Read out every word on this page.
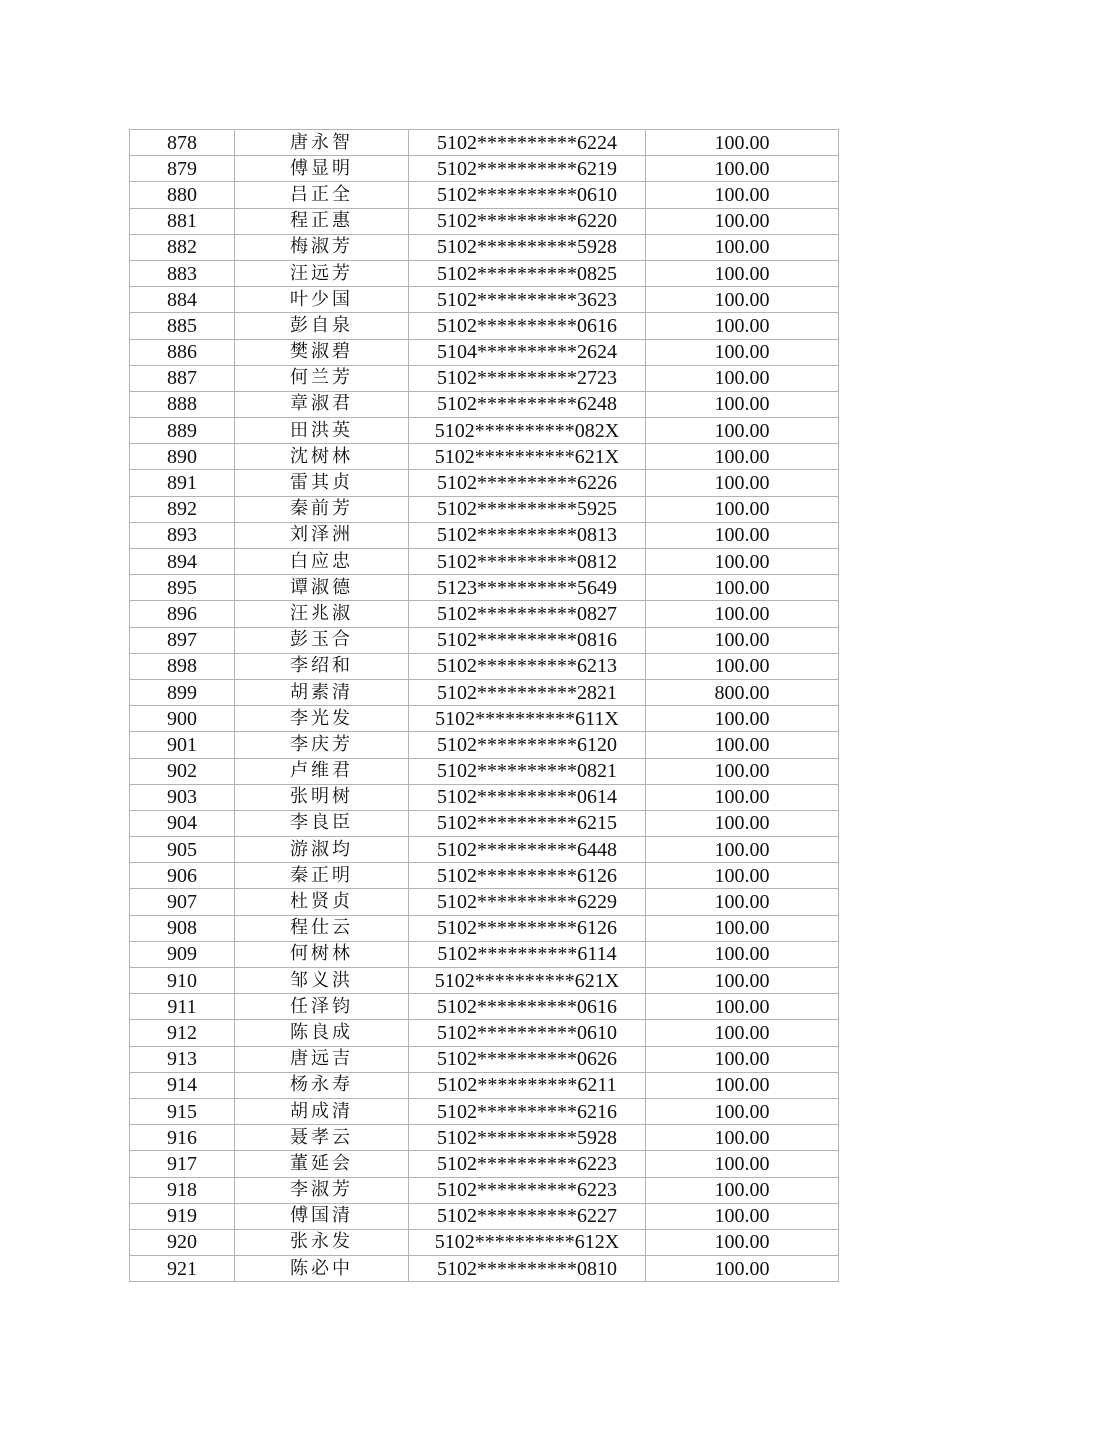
878	唐永智	5102**********6224	100.00
879	傅显明	5102**********6219	100.00
880	吕正全	5102**********0610	100.00
881	程正惠	5102**********6220	100.00
882	梅淑芳	5102**********5928	100.00
883	汪远芳	5102**********0825	100.00
884	叶少国	5102**********3623	100.00
885	彭自泉	5102**********0616	100.00
886	樊淑碧	5104**********2624	100.00
887	何兰芳	5102**********2723	100.00
888	章淑君	5102**********6248	100.00
889	田洪英	5102**********082X	100.00
890	沈树林	5102**********621X	100.00
891	雷其贞	5102**********6226	100.00
892	秦前芳	5102**********5925	100.00
893	刘泽洲	5102**********0813	100.00
894	白应忠	5102**********0812	100.00
895	谭淑德	5123**********5649	100.00
896	汪兆淑	5102**********0827	100.00
897	彭玉合	5102**********0816	100.00
898	李绍和	5102**********6213	100.00
899	胡素清	5102**********2821	800.00
900	李光发	5102**********611X	100.00
901	李庆芳	5102**********6120	100.00
902	卢维君	5102**********0821	100.00
903	张明树	5102**********0614	100.00
904	李良臣	5102**********6215	100.00
905	游淑均	5102**********6448	100.00
906	秦正明	5102**********6126	100.00
907	杜贤贞	5102**********6229	100.00
908	程仕云	5102**********6126	100.00
909	何树林	5102**********6114	100.00
910	邹义洪	5102**********621X	100.00
911	任泽钧	5102**********0616	100.00
912	陈良成	5102**********0610	100.00
913	唐远吉	5102**********0626	100.00
914	杨永寿	5102**********6211	100.00
915	胡成清	5102**********6216	100.00
916	聂孝云	5102**********5928	100.00
917	董延会	5102**********6223	100.00
918	李淑芳	5102**********6223	100.00
919	傅国清	5102**********6227	100.00
920	张永发	5102**********612X	100.00
921	陈必中	5102**********0810	100.00
